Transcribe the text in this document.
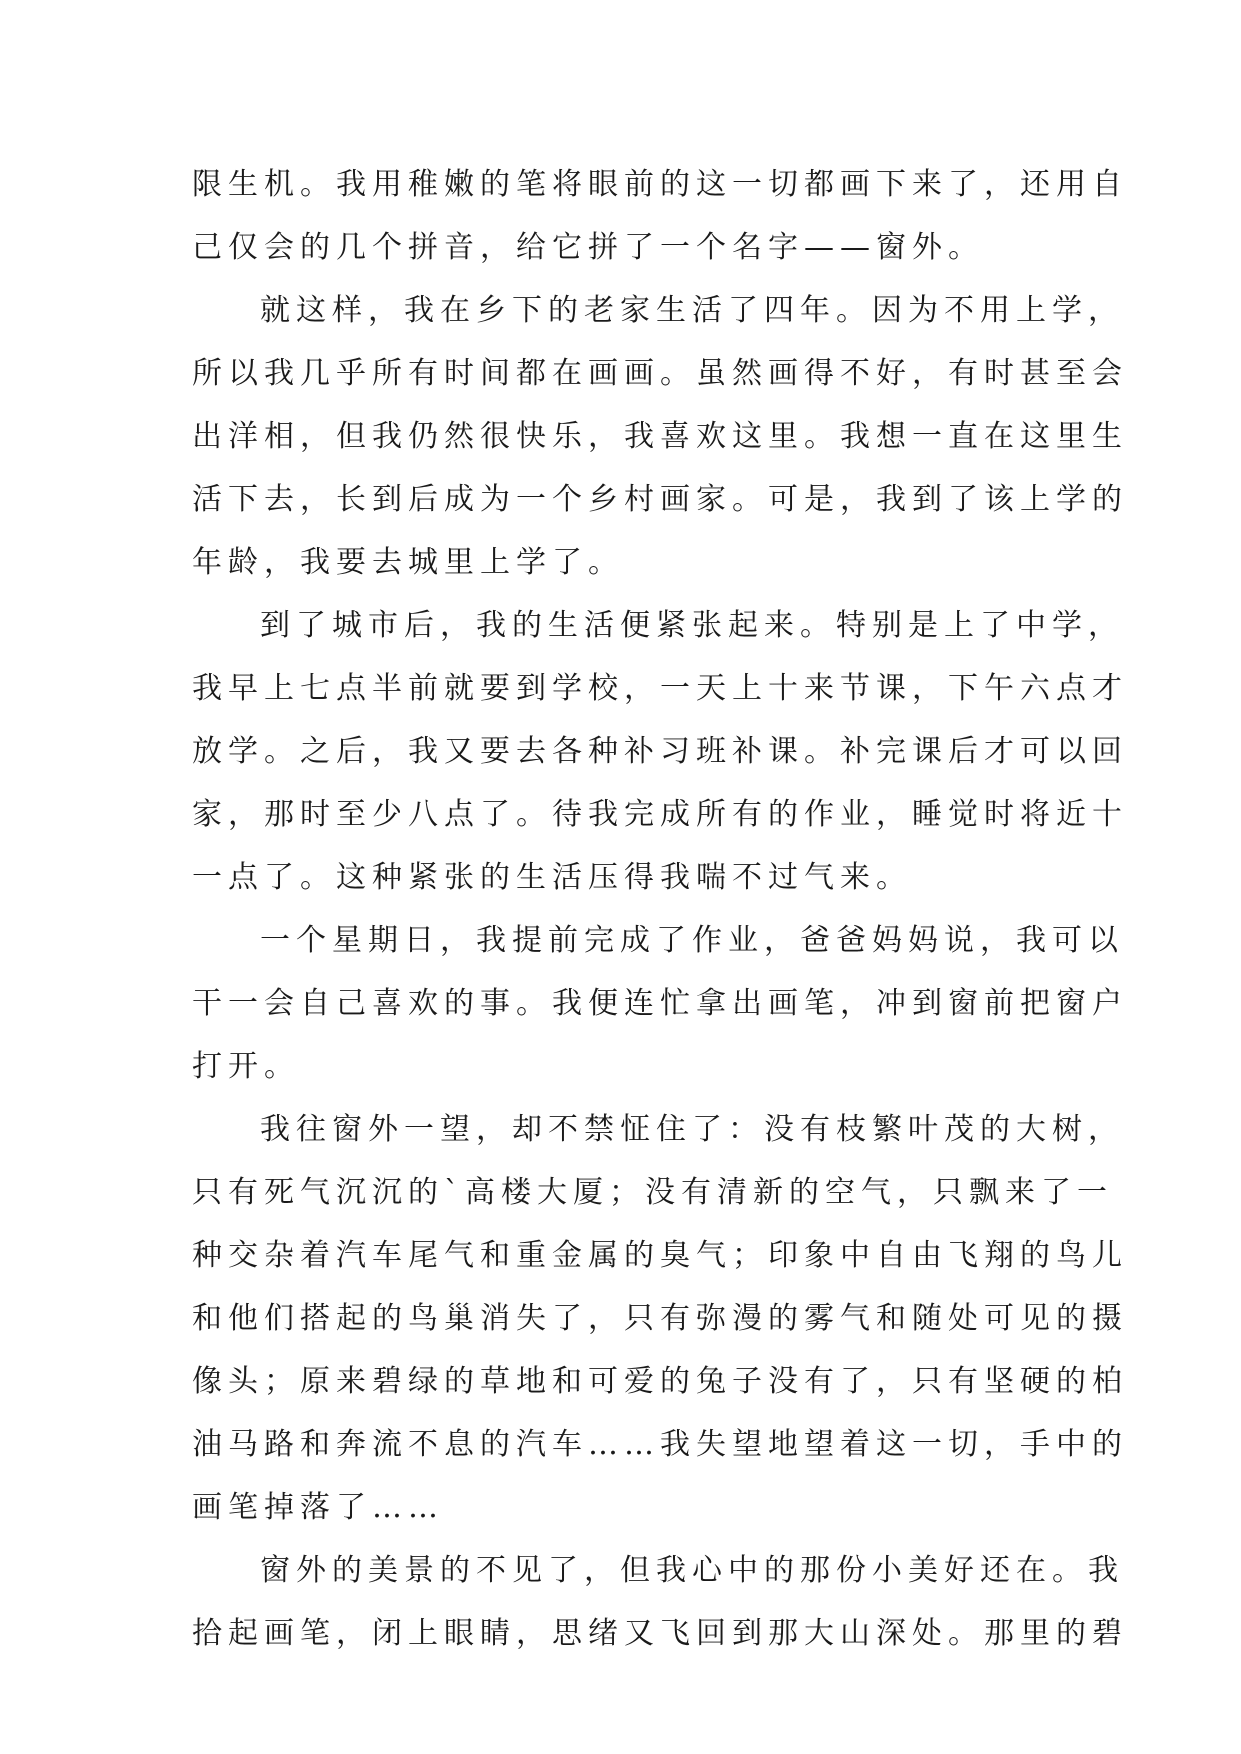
限生机。我用稚嫩的笔将眼前的这一切都画下来了，还用自
己仅会的几个拼音，给它拼了一个名字——窗外。
就这样，我在乡下的老家生活了四年。因为不用上学，
所以我几乎所有时间都在画画。虽然画得不好，有时甚至会
出洋相，但我仍然很快乐，我喜欢这里。我想一直在这里生
活下去，长到后成为一个乡村画家。可是，我到了该上学的
年龄，我要去城里上学了。
到了城市后，我的生活便紧张起来。特别是上了中学，
我早上七点半前就要到学校，一天上十来节课，下午六点才
放学。之后，我又要去各种补习班补课。补完课后才可以回
家，那时至少八点了。待我完成所有的作业，睡觉时将近十
一点了。这种紧张的生活压得我喘不过气来。
一个星期日，我提前完成了作业，爸爸妈妈说，我可以
干一会自己喜欢的事。我便连忙拿出画笔，冲到窗前把窗户
打开。
我往窗外一望，却不禁怔住了：没有枝繁叶茂的大树，
只有死气沉沉的`高楼大厦；没有清新的空气，只飘来了一
种交杂着汽车尾气和重金属的臭气；印象中自由飞翔的鸟儿
和他们搭起的鸟巢消失了，只有弥漫的雾气和随处可见的摄
像头；原来碧绿的草地和可爱的兔子没有了，只有坚硬的柏
油马路和奔流不息的汽车……我失望地望着这一切，手中的
画笔掉落了……
窗外的美景的不见了，但我心中的那份小美好还在。我
拾起画笔，闭上眼睛，思绪又飞回到那大山深处。那里的碧
